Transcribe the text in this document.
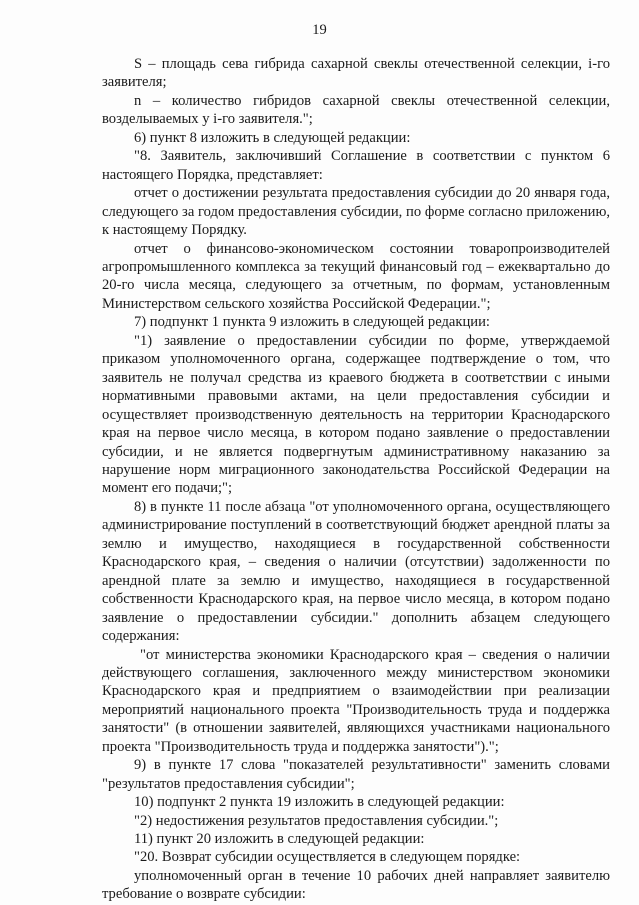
19

S – площадь сева гибрида сахарной свеклы отечественной селекции, i-го заявителя;

n – количество гибридов сахарной свеклы отечественной селекции, возделываемых у i-го заявителя.";

6) пункт 8 изложить в следующей редакции:

"8. Заявитель, заключивший Соглашение в соответствии с пунктом 6 настоящего Порядка, представляет:

отчет о достижении результата предоставления субсидии до 20 января года, следующего за годом предоставления субсидии, по форме согласно приложению, к настоящему Порядку.

отчет о финансово-экономическом состоянии товаропроизводителей агропромышленного комплекса за текущий финансовый год – ежеквартально до 20-го числа месяца, следующего за отчетным, по формам, установленным Министерством сельского хозяйства Российской Федерации.";

7) подпункт 1 пункта 9 изложить в следующей редакции:

"1) заявление о предоставлении субсидии по форме, утверждаемой приказом уполномоченного органа, содержащее подтверждение о том, что заявитель не получал средства из краевого бюджета в соответствии с иными нормативными правовыми актами, на цели предоставления субсидии и осуществляет производственную деятельность на территории Краснодарского края на первое число месяца, в котором подано заявление о предоставлении субсидии, и не является подвергнутым административному наказанию за нарушение норм миграционного законодательства Российской Федерации на момент его подачи;";

8) в пункте 11 после абзаца "от уполномоченного органа, осуществляющего администрирование поступлений в соответствующий бюджет арендной платы за землю и имущество, находящиеся в государственной собственности Краснодарского края, – сведения о наличии (отсутствии) задолженности по арендной плате за землю и имущество, находящиеся в государственной собственности Краснодарского края, на первое число месяца, в котором подано заявление о предоставлении субсидии." дополнить абзацем следующего содержания:

"от министерства экономики Краснодарского края – сведения о наличии действующего соглашения, заключенного между министерством экономики Краснодарского края и предприятием о взаимодействии при реализации мероприятий национального проекта "Производительность труда и поддержка занятости" (в отношении заявителей, являющихся участниками национального проекта "Производительность труда и поддержка занятости").";

9) в пункте 17 слова "показателей результативности" заменить словами "результатов предоставления субсидии";

10) подпункт 2 пункта 19 изложить в следующей редакции:

"2) недостижения результатов предоставления субсидии.";

11) пункт 20 изложить в следующей редакции:

"20. Возврат субсидии осуществляется в следующем порядке:

уполномоченный орган в течение 10 рабочих дней направляет заявителю требование о возврате субсидии:
